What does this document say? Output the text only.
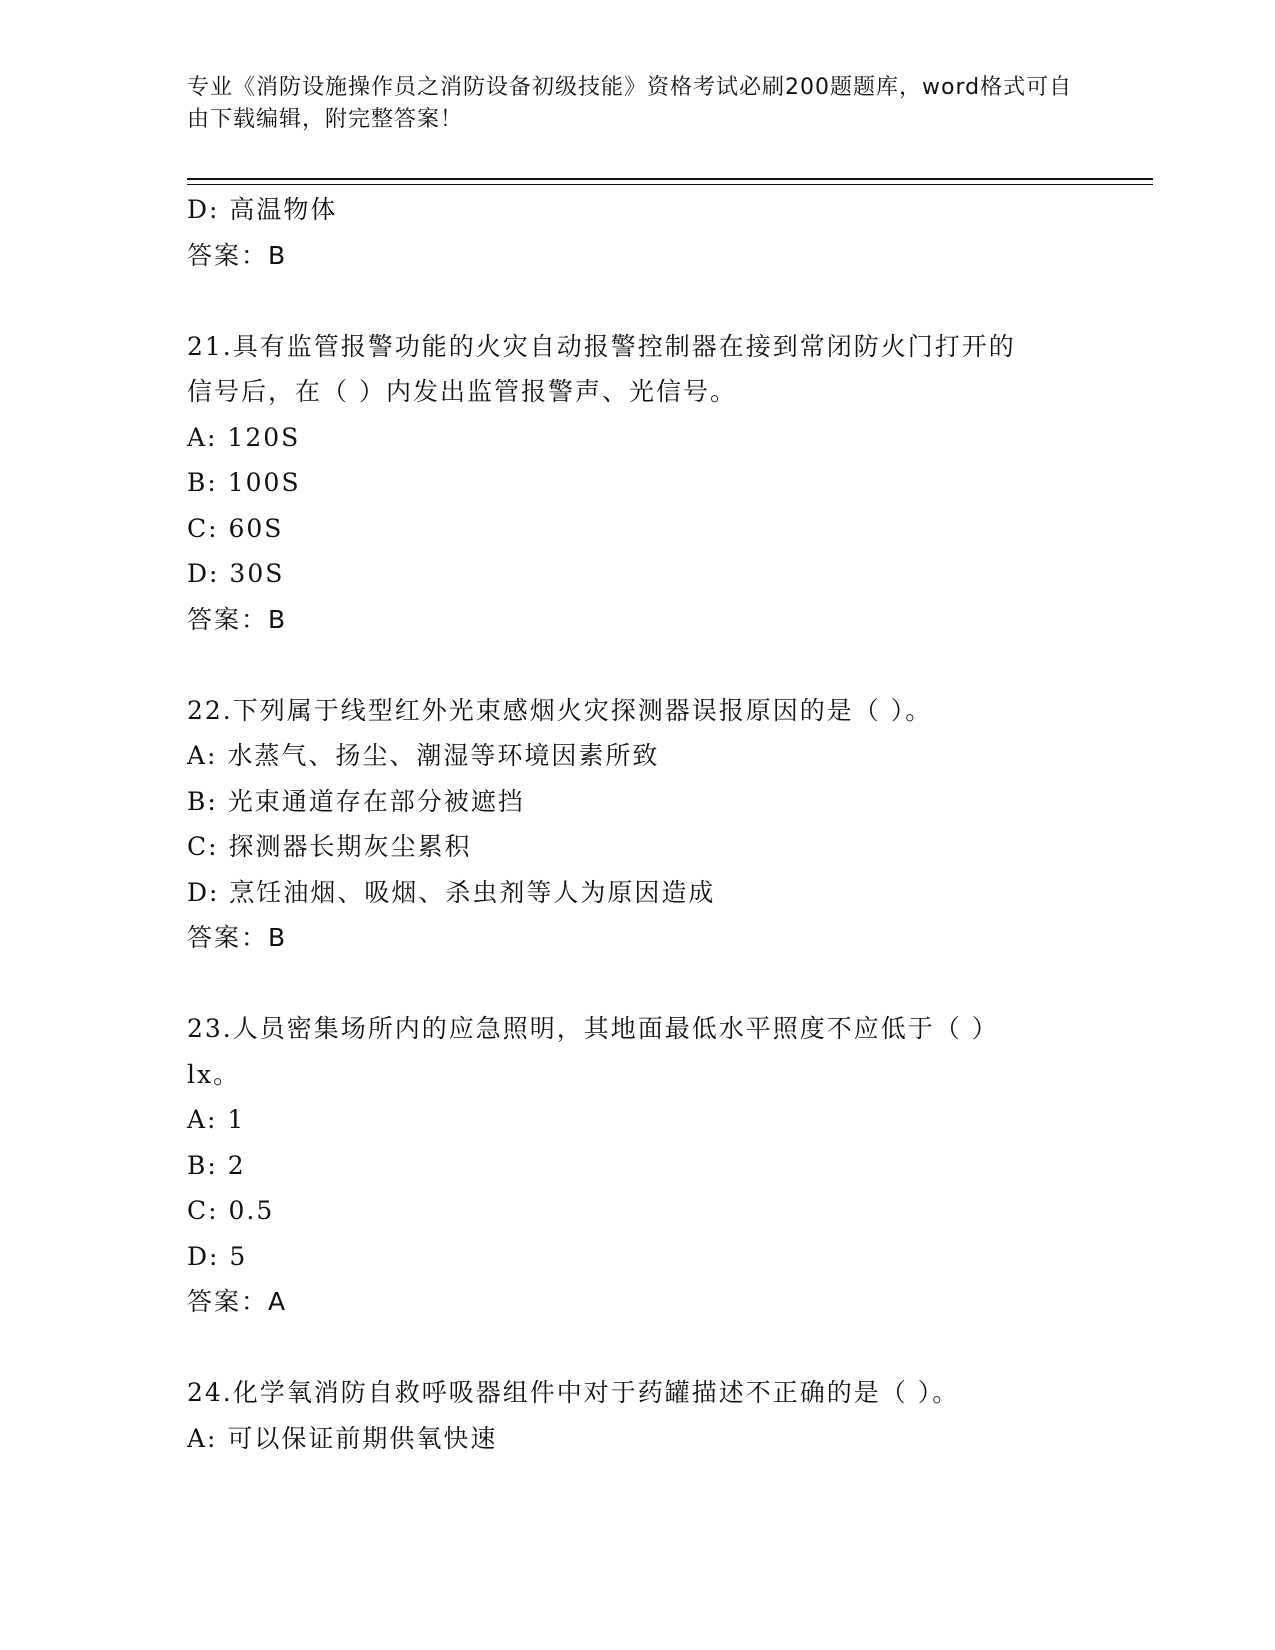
专业《消防设施操作员之消防设备初级技能》资格考试必刷200题题库，word格式可自由下载编辑，附完整答案！
D: 高温物体
答案：B
21.具有监管报警功能的火灾自动报警控制器在接到常闭防火门打开的
信号后，在（ ）内发出监管报警声、光信号。
A: 120S
B: 100S
C: 60S
D: 30S
答案：B
22.下列属于线型红外光束感烟火灾探测器误报原因的是（ ）。
A: 水蒸气、扬尘、潮湿等环境因素所致
B: 光束通道存在部分被遮挡
C: 探测器长期灰尘累积
D: 烹饪油烟、吸烟、杀虫剂等人为原因造成
答案：B
23.人员密集场所内的应急照明，其地面最低水平照度不应低于（ ）
lx。
A: 1
B: 2
C: 0.5
D: 5
答案：A
24.化学氧消防自救呼吸器组件中对于药罐描述不正确的是（ ）。
A: 可以保证前期供氧快速
